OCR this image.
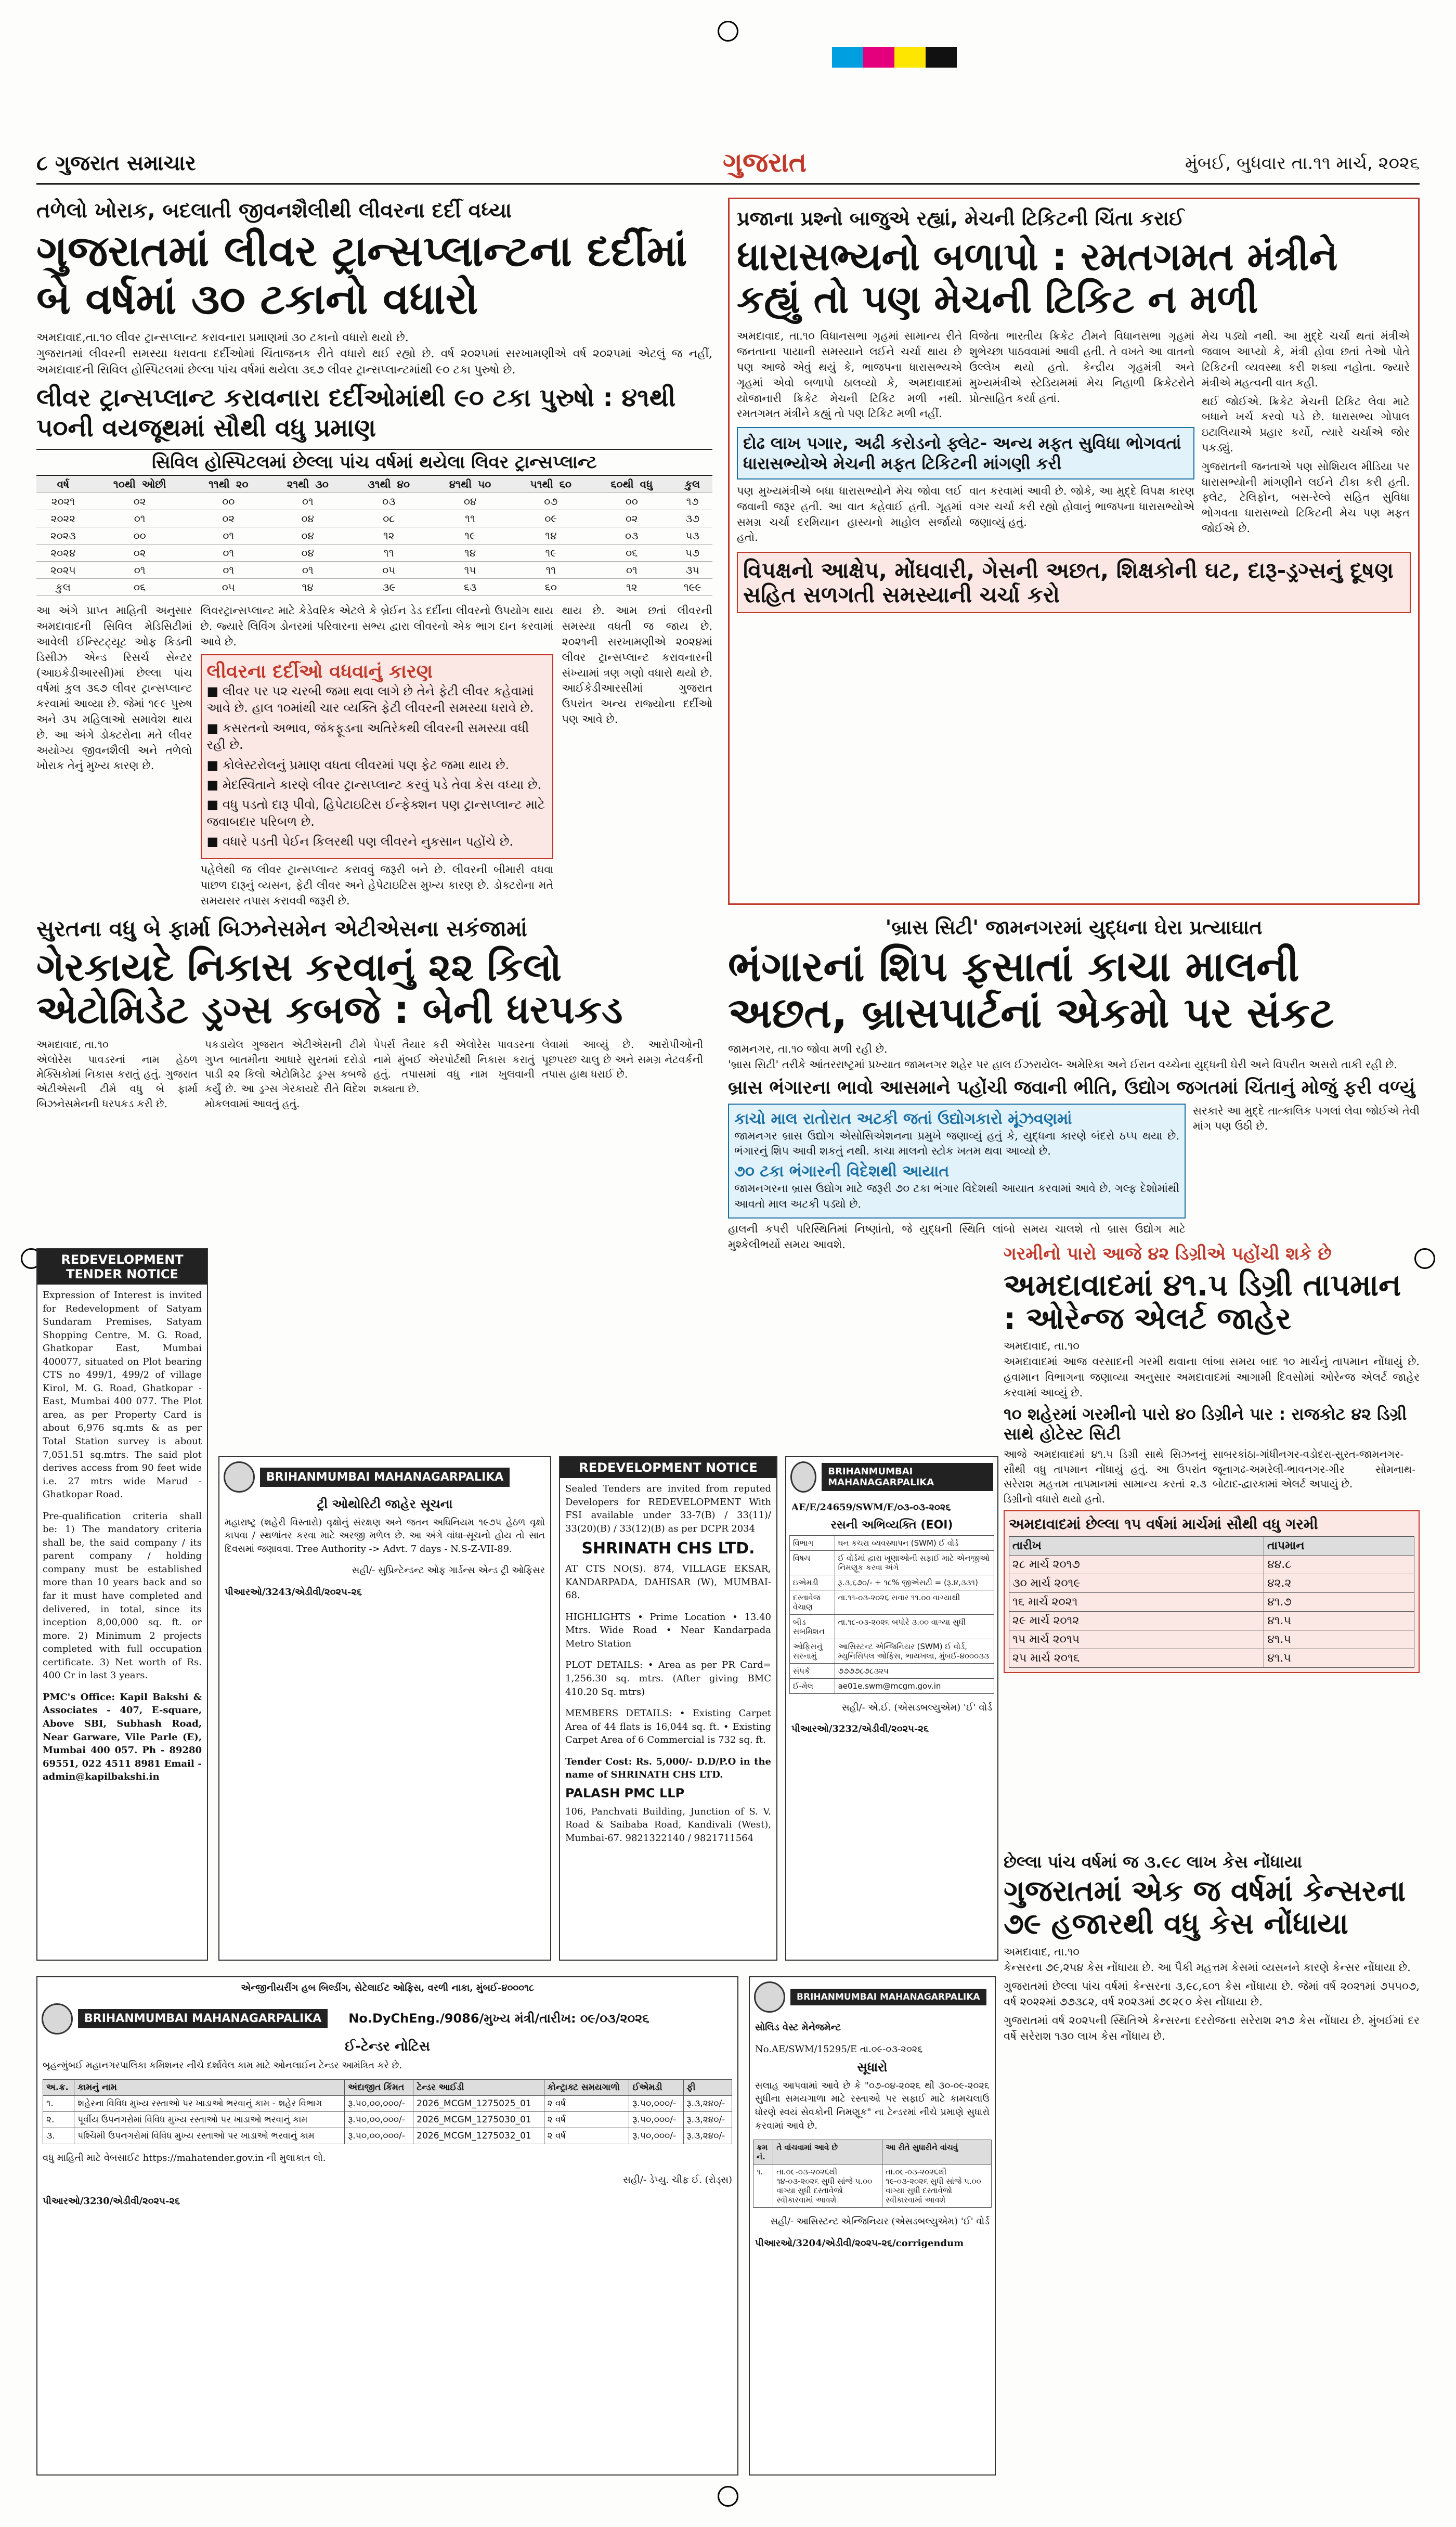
૮ ગુજરાત સમાચાર	ગુજરાત	મુંબઈ, બુધવાર તા.૧૧ માર્ચ, ૨૦૨૬
તળેલો ખોરાક, બદલાતી જીવનશૈલીથી લીવરના દર્દી વધ્યા
ગુજરાતમાં લીવર ટ્રાન્સપ્લાન્ટના દર્દીમાં બે વર્ષમાં ૩૦ ટકાનો વધારો
અમદાવાદ,તા.૧૦ લીવર ટ્રાન્સપ્લાન્ટ કરાવનારા પ્રમાણમાં ૩૦ ટકાનો વધારો થયો છે.
ગુજરાતમાં લીવરની સમસ્યા ધરાવતા દર્દીઓમાં ચિંતાજનક રીતે વધારો થઈ રહ્યો છે. વર્ષ ૨૦૨૫માં સરખામણીએ વર્ષ ૨૦૨૫માં એટલું જ નહીં, અમદાવાદની સિવિલ હોસ્પિટલમાં છેલ્લા પાંચ વર્ષમાં થયેલા ૩૬૭ લીવર ટ્રાન્સપ્લાન્ટમાંથી ૯૦ ટકા પુરુષો છે.
લીવર ટ્રાન્સપ્લાન્ટ કરાવનારા દર્દીઓમાંથી ૯૦ ટકા પુરુષો : ૪૧થી ૫૦ની વયજૂથમાં સૌથી વધુ પ્રમાણ
સિવિલ હોસ્પિટલમાં છેલ્લા પાંચ વર્ષમાં થયેલા લિવર ટ્રાન્સપ્લાન્ટ
વર્ષ	૧૦થી ઓછી	૧૧થી ૨૦	૨૧થી ૩૦	૩૧થી ૪૦	૪૧થી ૫૦	૫૧થી ૬૦	૬૦થી વધુ	કુલ
૨૦૨૧	૦૨	૦૦	૦૧	૦૩	૦૪	૦૭	૦૦	૧૭
૨૦૨૨	૦૧	૦૨	૦૪	૦૮	૧૧	૦૯	૦૨	૩૭
૨૦૨૩	૦૦	૦૧	૦૪	૧૨	૧૯	૧૪	૦૩	૫૩
૨૦૨૪	૦૨	૦૧	૦૪	૧૧	૧૪	૧૯	૦૬	૫૭
૨૦૨૫	૦૧	૦૧	૦૧	૦૫	૧૫	૧૧	૦૧	૩૫
કુલ	૦૬	૦૫	૧૪	૩૯	૬૩	૬૦	૧૨	૧૯૯
આ અંગે પ્રાપ્ત માહિતી અનુસાર અમદાવાદની સિવિલ મેડિસિટીમાં આવેલી ઈન્સ્ટિટ્યૂટ ઓફ કિડની ડિસીઝ એન્ડ રિસર્ચ સેન્ટર (આઇકેડીઆરસી)માં છેલ્લા પાંચ વર્ષમાં કુલ ૩૬૭ લીવર ટ્રાન્સપ્લાન્ટ કરવામાં આવ્યા છે. જેમાં ૧૯૯ પુરુષ અને ૩૫ મહિલાઓ સમાવેશ થાય છે. આ અંગે ડોક્ટરોના મતે લીવર અયોગ્ય જીવનશૈલી અને તળેલો ખોરાક તેનું મુખ્ય કારણ છે.
લિવરટ્રાન્સપ્લાન્ટ માટે કેડેવરિક એટલે કે બ્રેઈન ડેડ દર્દીના લીવરનો ઉપયોગ થાય છે. જ્યારે લિવિંગ ડોનરમાં પરિવારના સભ્ય દ્વારા લીવરનો એક ભાગ દાન કરવામાં આવે છે.
લીવરના દર્દીઓ વધવાનું કારણ
■ લીવર પર ૫૨ ચરબી જમા થવા લાગે છે તેને ફેટી લીવર કહેવામાં આવે છે. હાલ ૧૦માંથી ચાર વ્યક્તિ ફેટી લીવરની સમસ્યા ધરાવે છે.
■ કસરતનો અભાવ, જંકફૂડના અતિરેકથી લીવરની સમસ્યા વધી રહી છે.
■ કોલેસ્ટરોલનું પ્રમાણ વધતા લીવરમાં પણ ફેટ જમા થાય છે.
■ મેદસ્વિતાને કારણે લીવર ટ્રાન્સપ્લાન્ટ કરવું પડે તેવા કેસ વધ્યા છે.
■ વધુ પડતો દારૂ પીવો, હિપેટાઇટિસ ઈન્ફેક્શન પણ ટ્રાન્સપ્લાન્ટ માટે જવાબદાર પરિબળ છે.
■ વધારે પડતી પેઈન કિલરથી પણ લીવરને નુકસાન પહોંચે છે.
પહેલેથી જ લીવર ટ્રાન્સપ્લાન્ટ કરાવવું જરૂરી બને છે. લીવરની બીમારી વધવા પાછળ દારૂનું વ્યસન, ફેટી લીવર અને હેપેટાઇટિસ મુખ્ય કારણ છે. ડોક્ટરોના મતે સમયસર તપાસ કરાવવી જરૂરી છે.
થાય છે. આમ છતાં લીવરની સમસ્યા વધતી જ જાય છે. ૨૦૨૧ની સરખામણીએ ૨૦૨૪માં લીવર ટ્રાન્સપ્લાન્ટ કરાવનારની સંખ્યામાં ત્રણ ગણો વધારો થયો છે. આઈકેડીઆરસીમાં ગુજરાત ઉપરાંત અન્ય રાજ્યોના દર્દીઓ પણ આવે છે.
પ્રજાના પ્રશ્નો બાજુએ રહ્યાં, મેચની ટિકિટની ચિંતા કરાઈ
ધારાસભ્યનો બળાપો : રમતગમત મંત્રીને કહ્યું તો પણ મેચની ટિકિટ ન મળી
અમદાવાદ, તા.૧૦ વિધાનસભા ગૃહમાં સામાન્ય રીતે જનતાના પાયાની સમસ્યાને લઈને ચર્ચા થાય છે પણ આજે એવું થયું કે, ભાજપના ધારાસભ્યએ ગૃહમાં એવો બળાપો ઠાલવ્યો કે, અમદાવાદમાં યોજાનારી ક્રિકેટ મેચની ટિકિટ મળી નથી. રમતગમત મંત્રીને કહ્યું તો પણ ટિકિટ મળી નહીં.
વિજેતા ભારતીય ક્રિકેટ ટીમને વિધાનસભા ગૃહમાં શુભેચ્છા પાઠવવામાં આવી હતી. તે વખતે આ વાતનો ઉલ્લેખ થયો હતો. કેન્દ્રીય ગૃહમંત્રી અને મુખ્યમંત્રીએ સ્ટેડિયમમાં મેચ નિહાળી ક્રિકેટરોને પ્રોત્સાહિત કર્યા હતાં.
દોઢ લાખ પગાર, અઢી કરોડનો ફ્લેટ- અન્ય મફત સુવિધા ભોગવતાં ધારાસભ્યોએ મેચની મફત ટિકિટની માંગણી કરી
પણ મુખ્યમંત્રીએ બધા ધારાસભ્યોને મેચ જોવા લઈ જવાની જરૂર હતી. આ વાત કહેવાઈ હતી. ગૃહમાં સમગ્ર ચર્ચા દરમિયાન હાસ્યનો માહોલ સર્જાયો હતો.
વાત કરવામાં આવી છે. જોકે, આ મુદ્દે વિપક્ષ કારણ વગર ચર્ચા કરી રહ્યો હોવાનું ભાજપના ધારાસભ્યોએ જણાવ્યું હતું.
મેચ પડ્યો નથી. આ મુદ્દે ચર્ચા થતાં મંત્રીએ જવાબ આપ્યો કે, મંત્રી હોવા છતાં તેઓ પોતે ટિકિટની વ્યવસ્થા કરી શક્યા નહોતા. જ્યારે મંત્રીએ મહત્વની વાત કહી.
થઈ જોઈએ. ક્રિકેટ મેચની ટિકિટ લેવા માટે બધાને ખર્ચ કરવો પડે છે. ધારાસભ્ય ગોપાલ ઇટાલિયાએ પ્રહાર કર્યો, ત્યારે ચર્ચાએ જોર પકડ્યું.
ગુજરાતની જનતાએ પણ સોશિયલ મીડિયા પર ધારાસભ્યોની માંગણીને લઈને ટીકા કરી હતી. ફ્લેટ, ટેલિફોન, બસ-રેલ્વે સહિત સુવિધા ભોગવતા ધારાસભ્યો ટિકિટની મેચ પણ મફત જોઈએ છે.
વિપક્ષનો આક્ષેપ, મોંઘવારી, ગેસની અછત, શિક્ષકોની ઘટ, દારૂ-ડ્રગ્સનું દૂષણ સહિત સળગતી સમસ્યાની ચર્ચા કરો
'બ્રાસ સિટી' જામનગરમાં યુદ્ધના ઘેરા પ્રત્યાઘાત
ભંગારનાં શિપ ફસાતાં કાચા માલની અછત, બ્રાસપાર્ટનાં એકમો પર સંકટ
જામનગર, તા.૧૦ જોવા મળી રહી છે.
'બ્રાસ સિટી' તરીકે આંતરરાષ્ટ્રમાં પ્રખ્યાત જામનગર શહેર પર હાલ ઈઝરાયેલ- અમેરિકા અને ઈરાન વચ્ચેના યુદ્ધની ઘેરી અને વિપરીત અસરો તાકી રહી છે.
બ્રાસ ભંગારના ભાવો આસમાને પહોંચી જવાની ભીતિ, ઉદ્યોગ જગતમાં ચિંતાનું મોજું ફરી વળ્યું
કાચો માલ રાતોરાત અટકી જતાં ઉદ્યોગકારો મૂંઝવણમાં
જામનગર બ્રાસ ઉદ્યોગ એસોસિએશનના પ્રમુખે જણાવ્યું હતું કે, યુદ્ધના કારણે બંદરો ઠપ્પ થયા છે. ભંગારનું શિપ આવી શકતું નથી. કાચા માલનો સ્ટોક ખતમ થવા આવ્યો છે.
૭૦ ટકા ભંગારની વિદેશથી આયાત
જામનગરના બ્રાસ ઉદ્યોગ માટે જરૂરી ૭૦ ટકા ભંગાર વિદેશથી આયાત કરવામાં આવે છે. ગલ્ફ દેશોમાંથી આવતો માલ અટકી પડ્યો છે.
હાલની કપરી પરિસ્થિતિમાં નિષ્ણાંતો, જે યુદ્ધની સ્થિતિ લાંબો સમય ચાલશે તો બ્રાસ ઉદ્યોગ માટે મુશ્કેલીભર્યો સમય આવશે.
સરકારે આ મુદ્દે તાત્કાલિક પગલાં લેવા જોઈએ તેવી માંગ પણ ઉઠી છે.
ગરમીનો પારો આજે ૪૨ ડિગ્રીએ પહોંચી શકે છે
અમદાવાદમાં ૪૧.૫ ડિગ્રી તાપમાન : ઓરેન્જ એલર્ટ જાહેર
અમદાવાદ, તા.૧૦
અમદાવાદમાં આજ વરસાદની ગરમી થવાના લાંબા સમય બાદ ૧૦ માર્ચનું તાપમાન નોંધાયું છે. હવામાન વિભાગના જણાવ્યા અનુસાર અમદાવાદમાં આગામી દિવસોમાં ઓરેન્જ એલર્ટ જાહેર કરવામાં આવ્યું છે.
૧૦ શહેરમાં ગરમીનો પારો ૪૦ ડિગ્રીને પાર : રાજકોટ ૪૨ ડિગ્રી સાથે હોટેસ્ટ સિટી
આજે અમદાવાદમાં ૪૧.૫ ડિગ્રી સાથે સિઝનનું સૌથી વધુ તાપમાન નોંધાયું હતું. આ ઉપરાંત સરેરાશ મહત્તમ તાપમાનમાં સામાન્ય કરતાં ૨.૩ ડિગ્રીનો વધારો થયો હતો.
સાબરકાંઠા-ગાંધીનગર-વડોદરા-સુરત-જામનગર-જૂનાગઢ-અમરેલી-ભાવનગર-ગીર સોમનાથ-બોટાદ-દ્વારકામાં એલર્ટ અપાયું છે.
અમદાવાદમાં છેલ્લા ૧૫ વર્ષમાં માર્ચમાં સૌથી વધુ ગરમી
તારીખ	તાપમાન
૨૮ માર્ચ ૨૦૧૭	૪૪.૮
૩૦ માર્ચ ૨૦૧૯	૪૨.૨
૧૬ માર્ચ ૨૦૨૧	૪૧.૭
૨૯ માર્ચ ૨૦૧૨	૪૧.૫
૧૫ માર્ચ ૨૦૧૫	૪૧.૫
૨૫ માર્ચ ૨૦૧૬	૪૧.૫
છેલ્લા પાંચ વર્ષમાં જ ૩.૯૮ લાખ કેસ નોંધાયા
ગુજરાતમાં એક જ વર્ષમાં કેન્સરના ૭૯ હજારથી વધુ કેસ નોંધાયા
અમદાવાદ, તા.૧૦
કેન્સરના ૭૯,૨૫૪ કેસ નોંધાયા છે. આ પૈકી મહત્તમ કેસમાં વ્યસનને કારણે કેન્સર નોંધાયા છે.
ગુજરાતમાં છેલ્લા પાંચ વર્ષમાં કેન્સરના ૩,૯૮,૬૦૧ કેસ નોંધાયા છે. જેમાં વર્ષ ૨૦૨૧માં ૭૫૫૦૭, વર્ષ ૨૦૨૨માં ૭૭૩૮૨, વર્ષ ૨૦૨૩માં ૭૯૨૯૦ કેસ નોંધાયા છે.
ગુજરાતમાં વર્ષ ૨૦૨૫ની સ્થિતિએ કેન્સરના દરરોજના સરેરાશ ૨૧૭ કેસ નોંધાય છે. મુંબઈમાં દર વર્ષે સરેરાશ ૧૩૦ લાખ કેસ નોંધાય છે.
સુરતના વધુ બે ફાર્મા બિઝનેસમેન એટીએસના સકંજામાં
ગેરકાયદે નિકાસ કરવાનું ૨૨ કિલો એટોમિડેટ ડ્રગ્સ કબજે : બેની ધરપકડ
અમદાવાદ, તા.૧૦
એલોરેસ પાવડરનાં નામ હેઠળ મેક્સિકોમાં નિકાસ કરાતું હતું. ગુજરાત એટીએસની ટીમે વધુ બે ફાર્મા બિઝનેસમેનની ધરપકડ કરી છે.
પકડાયેલ ગુજરાત એટીએસની ટીમે ગુપ્ત બાતમીના આધારે સુરતમાં દરોડો પાડી ૨૨ કિલો એટોમિડેટ ડ્રગ્સ કબજે કર્યું છે. આ ડ્રગ્સ ગેરકાયદે રીતે વિદેશ મોકલવામાં આવતું હતું.
પેપર્સ તૈયાર કરી એલોરેસ પાવડરના નામે મુંબઈ એરપોર્ટથી નિકાસ કરાતું હતું. તપાસમાં વધુ નામ ખુલવાની શક્યતા છે.
લેવામાં આવ્યું છે. આરોપીઓની પૂછપરછ ચાલુ છે અને સમગ્ર નેટવર્કની તપાસ હાથ ધરાઈ છે.
REDEVELOPMENT TENDER NOTICE
Expression of Interest is invited for Redevelopment of Satyam Sundaram Premises, Satyam Shopping Centre, M. G. Road, Ghatkopar East, Mumbai 400077, situated on Plot bearing CTS no 499/1, 499/2 of village Kirol, M. G. Road, Ghatkopar - East, Mumbai 400 077. The Plot area, as per Property Card is about 6,976 sq.mts & as per Total Station survey is about 7,051.51 sq.mtrs. The said plot derives access from 90 feet wide i.e. 27 mtrs wide Marud - Ghatkopar Road.
Pre-qualification criteria shall be: 1) The mandatory criteria shall be, the said company / its parent company / holding company must be established more than 10 years back and so far it must have completed and delivered, in total, since its inception 8,00,000 sq. ft. or more. 2) Minimum 2 projects completed with full occupation certificate. 3) Net worth of Rs. 400 Cr in last 3 years.
PMC's Office: Kapil Bakshi & Associates - 407, E-square, Above SBI, Subhash Road, Near Garware, Vile Parle (E), Mumbai 400 057. Ph - 89280 69551, 022 4511 8981 Email - admin@kapilbakshi.in
BRIHANMUMBAI MAHANAGARPALIKA
ટ્રી ઓથોરિટી જાહેર સૂચના
મહારાષ્ટ્ર (શહેરી વિસ્તારો) વૃક્ષોનું સંરક્ષણ અને જતન અધિનિયમ ૧૯૭૫ હેઠળ વૃક્ષો કાપવા / સ્થળાંતર કરવા માટે અરજી મળેલ છે. આ અંગે વાંધા-સૂચનો હોય તો સાત દિવસમાં જણાવવા. Tree Authority -> Advt. 7 days - N.S-Z-VII-89.
સહી/- સુપ્રિન્ટેન્ડન્ટ ઓફ ગાર્ડન્સ એન્ડ ટ્રી ઓફિસર
પીઆરઓ/3243/એડીવી/૨૦૨૫-૨૬
REDEVELOPMENT NOTICE
Sealed Tenders are invited from reputed Developers for REDEVELOPMENT With FSI available under 33-7(B) / 33(11)/ 33(20)(B) / 33(12)(B) as per DCPR 2034
SHRINATH CHS LTD.
AT CTS NO(S). 874, VILLAGE EKSAR, KANDARPADA, DAHISAR (W), MUMBAI-68.
HIGHLIGHTS • Prime Location • 13.40 Mtrs. Wide Road • Near Kandarpada Metro Station
PLOT DETAILS: • Area as per PR Card= 1,256.30 sq. mtrs. (After giving BMC 410.20 Sq. mtrs)
MEMBERS DETAILS: • Existing Carpet Area of 44 flats is 16,044 sq. ft. • Existing Carpet Area of 6 Commercial is 732 sq. ft.
Tender Cost: Rs. 5,000/- D.D/P.O in the name of SHRINATH CHS LTD.
PALASH PMC LLP
106, Panchvati Building, Junction of S. V. Road & Saibaba Road, Kandivali (West), Mumbai-67. 9821322140 / 9821711564
BRIHANMUMBAI MAHANAGARPALIKA
AE/E/24659/SWM/E/૦૩-૦૩-૨૦૨૬
રસની અભિવ્યક્તિ (EOI)
વિભાગ	ઘન કચરા વ્યવસ્થાપન (SWM) ઈ વોર્ડ
વિષય	ઈ વોર્ડમાં દ્વારા ખૂણાઓની સફાઈ માટે એનજીઓ નિમણૂક કરવા અંગે
ઇએમડી	રૂ.૩,૬૭૦/- + ૧૮% જીએસટી = (રૂ.૪,૩૩૧)
દસ્તાવેજ વેચાણ	તા.૧૧-૦૩-૨૦૨૬ સવાર ૧૧.૦૦ વાગ્યાથી
બીડ સબમિશન	તા.૧૮-૦૩-૨૦૨૬ બપોરે ૩.૦૦ વાગ્યા સુધી
ઓફિસનું સરનામું	આસિસ્ટન્ટ એન્જિનિયર (SWM) ઈ વોર્ડ, મ્યુનિસિપલ ઓફિસ, ભાયખલા, મુંબઈ-૪૦૦૦૩૩
સંપર્ક	૭૭૭૭૮૭૮૩૨૫
ઈ-મેલ	ae01e.swm@mcgm.gov.in
સહી/- એ.ઈ. (એસડબલ્યુએમ) 'ઈ' વોર્ડ
પીઆરઓ/3232/એડીવી/૨૦૨૫-૨૬
એન્જીનીયરીંગ હબ બિલ્ડીંગ, સેટેલાઈટ ઓફિસ, વરળી નાકા, મુંબઈ-૪૦૦૦૧૮
BRIHANMUMBAI MAHANAGARPALIKA	No.DyChEng./9086/મુખ્ય મંત્રી/તારીખ: ૦૯/૦૩/૨૦૨૬
ઈ-ટેન્ડર નોટિસ
બૃહન્મુંબઈ મહાનગરપાલિકા કમિશનર નીચે દર્શાવેલ કામ માટે ઓનલાઈન ટેન્ડર આમંત્રિત કરે છે.
અ.ક્ર.	કામનું નામ	અંદાજીત કિંમત	ટેન્ડર આઈડી	કોન્ટ્રાક્ટ સમયગાળો	ઈએમડી	ફી
૧.	શહેરના વિવિધ મુખ્ય રસ્તાઓ પર ખાડાઓ ભરવાનું કામ - શહેર વિભાગ	રૂ.૫૦,૦૦,૦૦૦/-	2026_MCGM_1275025_01	૨ વર્ષ	રૂ.૫૦,૦૦૦/-	રૂ.૩,૨૪૦/-
૨.	પૂર્વીય ઉપનગરોમાં વિવિધ મુખ્ય રસ્તાઓ પર ખાડાઓ ભરવાનું કામ	રૂ.૫૦,૦૦,૦૦૦/-	2026_MCGM_1275030_01	૨ વર્ષ	રૂ.૫૦,૦૦૦/-	રૂ.૩,૨૪૦/-
૩.	પશ્ચિમી ઉપનગરોમાં વિવિધ મુખ્ય રસ્તાઓ પર ખાડાઓ ભરવાનું કામ	રૂ.૫૦,૦૦,૦૦૦/-	2026_MCGM_1275032_01	૨ વર્ષ	રૂ.૫૦,૦૦૦/-	રૂ.૩,૨૪૦/-
વધુ માહિતી માટે વેબસાઈટ https://mahatender.gov.in ની મુલાકાત લો.
સહી/- ડેપ્યુ. ચીફ ઈ. (રોડ્સ)
પીઆરઓ/3230/એડીવી/૨૦૨૫-૨૬
BRIHANMUMBAI MAHANAGARPALIKA
સોલિડ વેસ્ટ મેનેજમેન્ટ
No.AE/SWM/15295/E તા.૦૯-૦૩-૨૦૨૬
સૂધારો
સલાહ આપવામાં આવે છે કે "૦૭-૦૪-૨૦૨૬ થી ૩૦-૦૯-૨૦૨૬ સુધીના સમયગાળા માટે રસ્તાઓ પર સફાઈ માટે કામચલાઉ ધોરણે સ્વયં સેવકોની નિમણૂક" ના ટેન્ડરમાં નીચે પ્રમાણે સુધારો કરવામાં આવે છે.
ક્રમ નં.	તે વાંચવામાં આવે છે	આ રીતે સુધારીને વાંચવું
૧.	તા.૦૯-૦૩-૨૦૨૬થી ૧૪-૦૩-૨૦૨૬ સુધી સાંજે ૫.૦૦ વાગ્યા સુધી દસ્તાવેજો સ્વીકારવામાં આવશે	તા.૦૯-૦૩-૨૦૨૬થી ૧૯-૦૩-૨૦૨૬ સુધી સાંજે ૫.૦૦ વાગ્યા સુધી દસ્તાવેજો સ્વીકારવામાં આવશે
સહી/- આસિસ્ટન્ટ એન્જિનિયર (એસડબલ્યુએમ) 'ઈ' વોર્ડ
પીઆરઓ/3204/એડીવી/૨૦૨૫-૨૬/corrigendum
